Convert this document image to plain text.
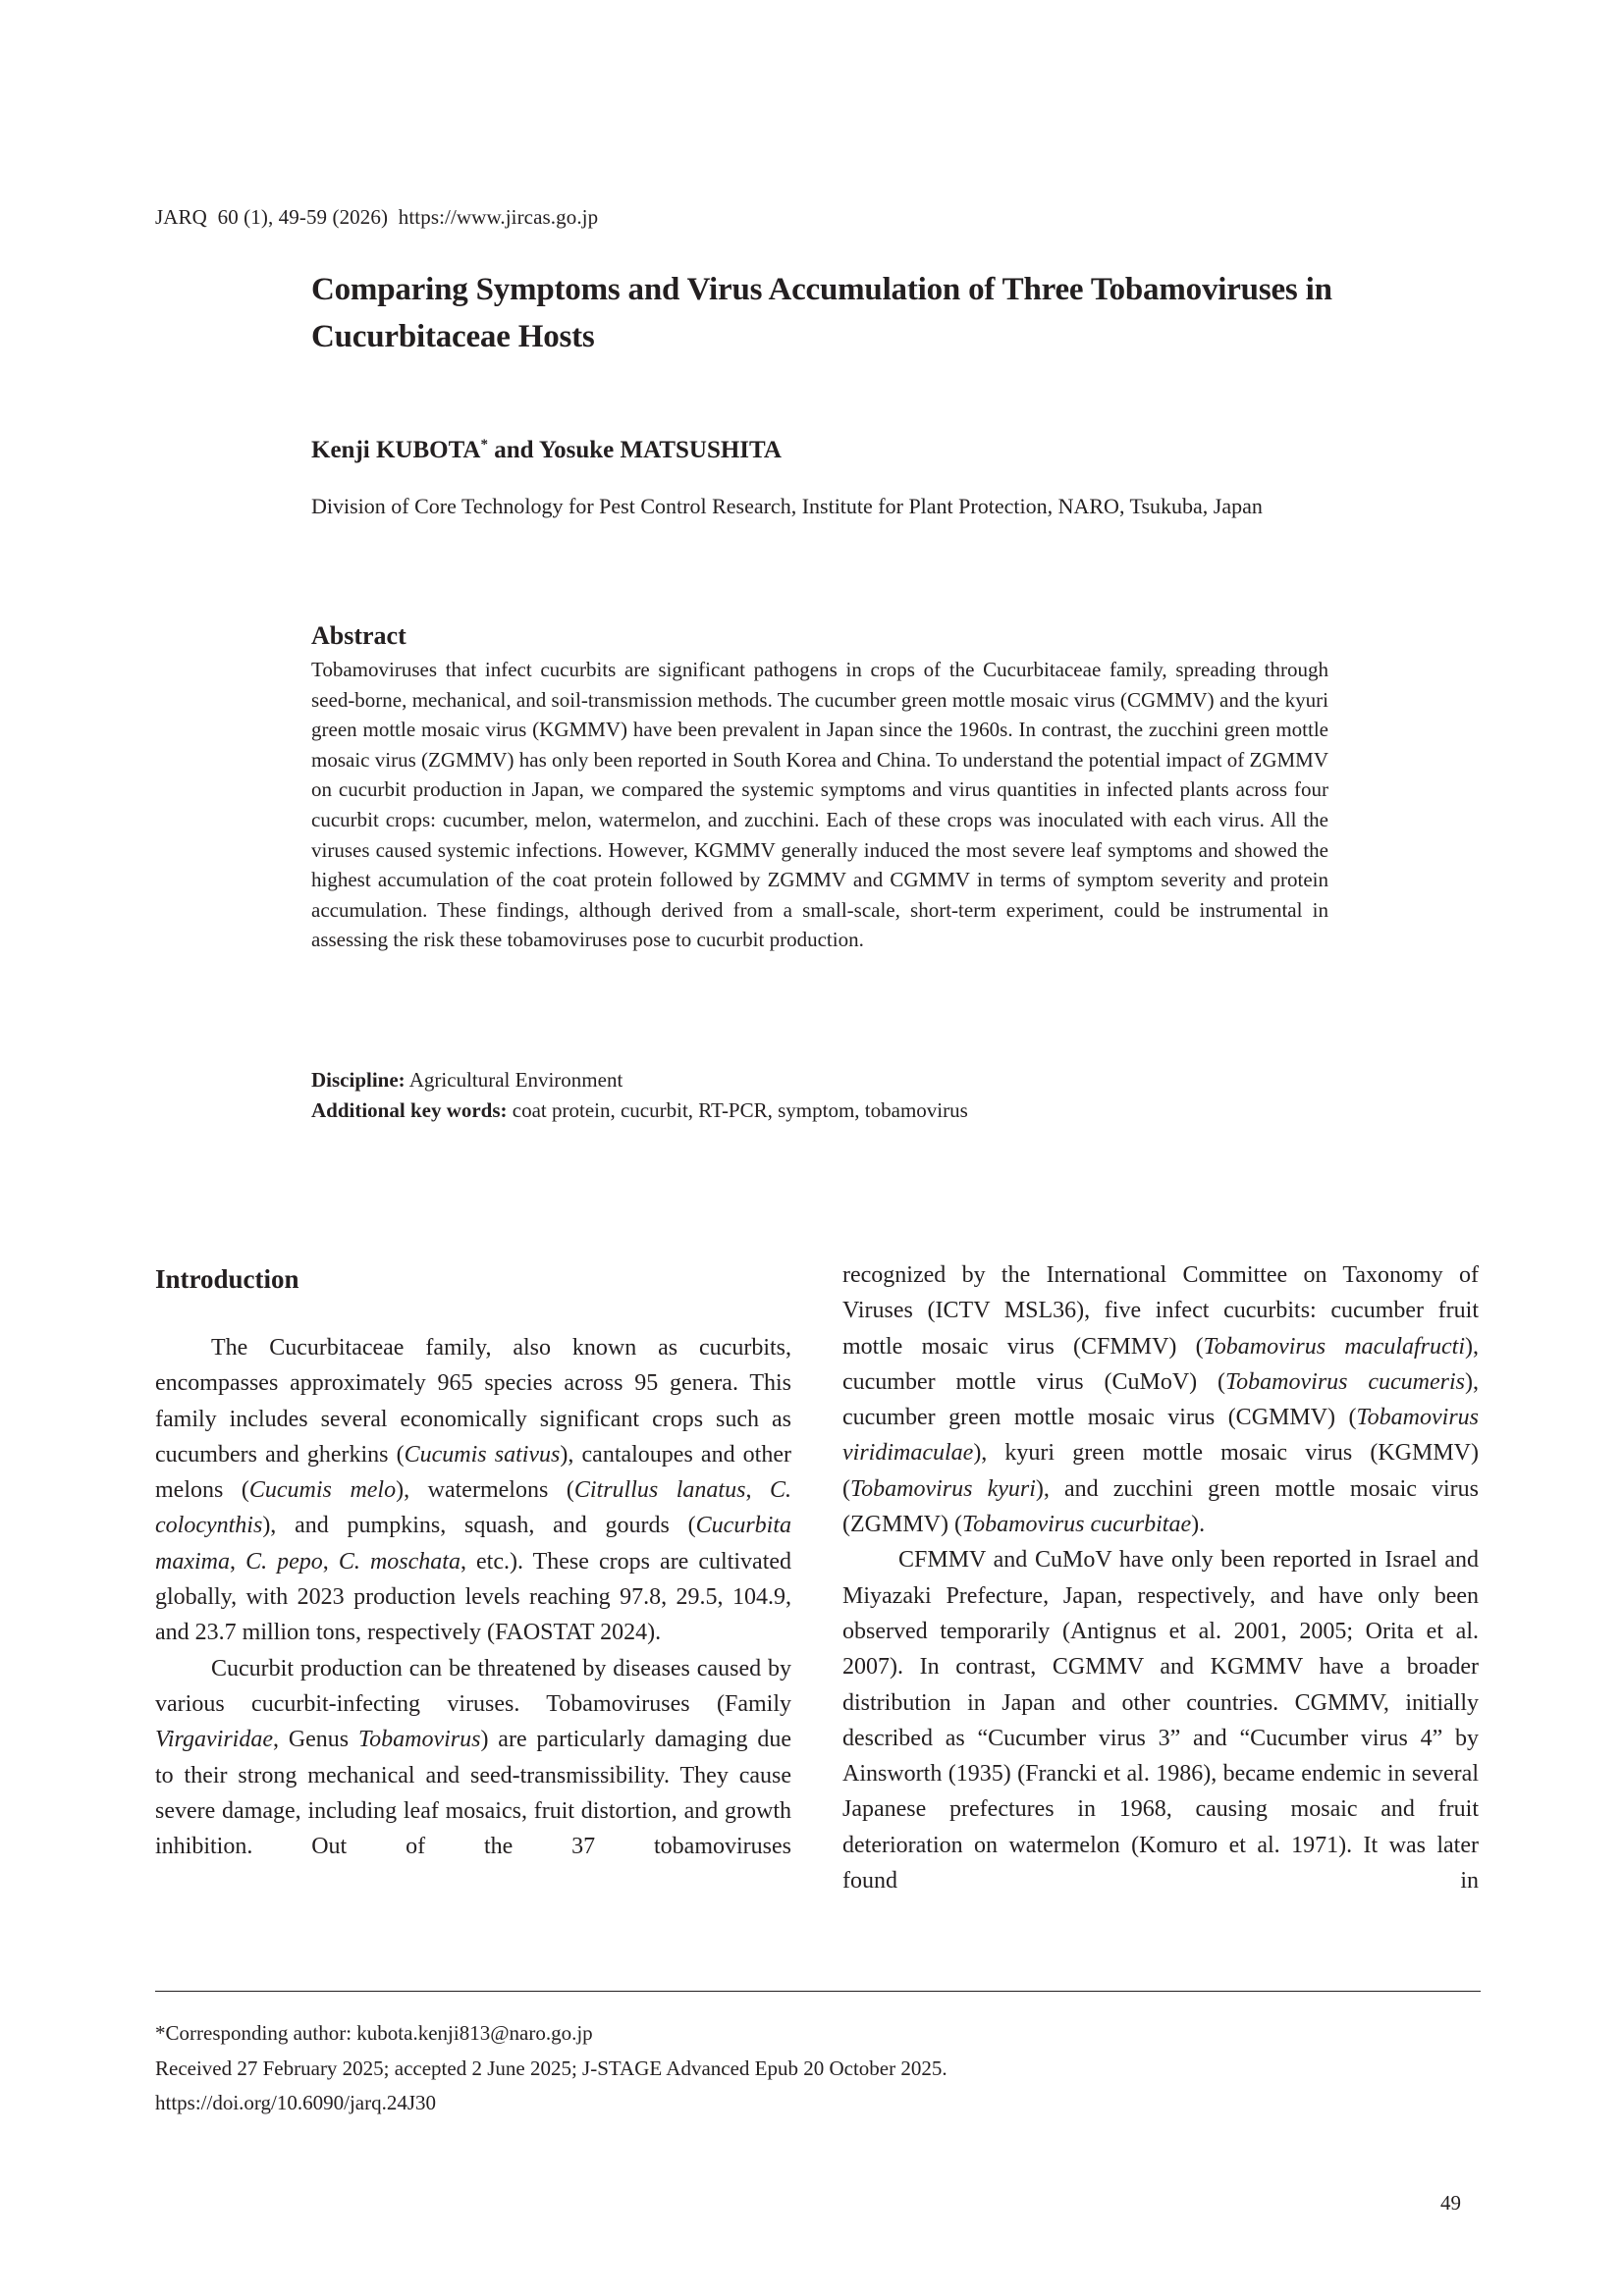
JARQ  60 (1), 49-59 (2026)  https://www.jircas.go.jp
Comparing Symptoms and Virus Accumulation of Three Tobamoviruses in Cucurbitaceae Hosts
Kenji KUBOTA* and Yosuke MATSUSHITA
Division of Core Technology for Pest Control Research, Institute for Plant Protection, NARO, Tsukuba, Japan
Abstract
Tobamoviruses that infect cucurbits are significant pathogens in crops of the Cucurbitaceae family, spreading through seed-borne, mechanical, and soil-transmission methods. The cucumber green mottle mosaic virus (CGMMV) and the kyuri green mottle mosaic virus (KGMMV) have been prevalent in Japan since the 1960s. In contrast, the zucchini green mottle mosaic virus (ZGMMV) has only been reported in South Korea and China. To understand the potential impact of ZGMMV on cucurbit production in Japan, we compared the systemic symptoms and virus quantities in infected plants across four cucurbit crops: cucumber, melon, watermelon, and zucchini. Each of these crops was inoculated with each virus. All the viruses caused systemic infections. However, KGMMV generally induced the most severe leaf symptoms and showed the highest accumulation of the coat protein followed by ZGMMV and CGMMV in terms of symptom severity and protein accumulation. These findings, although derived from a small-scale, short-term experiment, could be instrumental in assessing the risk these tobamoviruses pose to cucurbit production.
Discipline: Agricultural Environment
Additional key words: coat protein, cucurbit, RT-PCR, symptom, tobamovirus
Introduction

The Cucurbitaceae family, also known as cucurbits, encompasses approximately 965 species across 95 genera. This family includes several economically significant crops such as cucumbers and gherkins (Cucumis sativus), cantaloupes and other melons (Cucumis melo), watermelons (Citrullus lanatus, C. colocynthis), and pumpkins, squash, and gourds (Cucurbita maxima, C. pepo, C. moschata, etc.). These crops are cultivated globally, with 2023 production levels reaching 97.8, 29.5, 104.9, and 23.7 million tons, respectively (FAOSTAT 2024).

Cucurbit production can be threatened by diseases caused by various cucurbit-infecting viruses. Tobamoviruses (Family Virgaviridae, Genus Tobamovirus) are particularly damaging due to their strong mechanical and seed-transmissibility. They cause severe damage, including leaf mosaics, fruit distortion, and growth inhibition. Out of the 37 tobamoviruses

recognized by the International Committee on Taxonomy of Viruses (ICTV MSL36), five infect cucurbits: cucumber fruit mottle mosaic virus (CFMMV) (Tobamovirus maculafructi), cucumber mottle virus (CuMoV) (Tobamovirus cucumeris), cucumber green mottle mosaic virus (CGMMV) (Tobamovirus viridimaculae), kyuri green mottle mosaic virus (KGMMV) (Tobamovirus kyuri), and zucchini green mottle mosaic virus (ZGMMV) (Tobamovirus cucurbitae).

CFMMV and CuMoV have only been reported in Israel and Miyazaki Prefecture, Japan, respectively, and have only been observed temporarily (Antignus et al. 2001, 2005; Orita et al. 2007). In contrast, CGMMV and KGMMV have a broader distribution in Japan and other countries. CGMMV, initially described as “Cucumber virus 3” and “Cucumber virus 4” by Ainsworth (1935) (Francki et al. 1986), became endemic in several Japanese prefectures in 1968, causing mosaic and fruit deterioration on watermelon (Komuro et al. 1971). It was later found in

*Corresponding author: kubota.kenji813@naro.go.jp
Received 27 February 2025; accepted 2 June 2025; J-STAGE Advanced Epub 20 October 2025.
https://doi.org/10.6090/jarq.24J30
49
